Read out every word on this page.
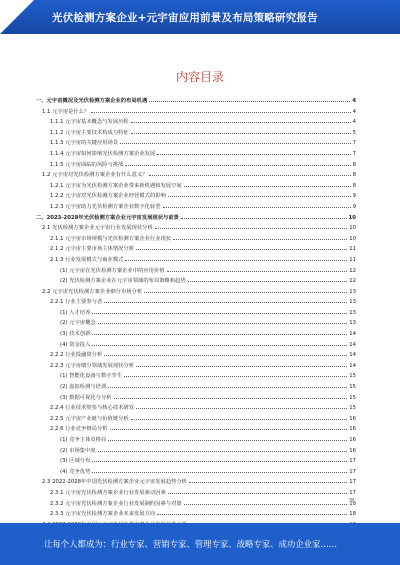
光伏检测方案企业+元宇宙应用前景及布局策略研究报告
内容目录
一、元宇宙概况及光伏检测方案企业的布局机遇	4
1.1 元宇宙是什么？	4
1.1.1 元宇宙基本概念与发展历程	4
1.1.2 元宇宙主要技术构成与特征	5
1.1.3 元宇宙的关键应用场景	7
1.1.4 元宇宙如何影响光伏检测方案企业发展	7
1.1.5 元宇宙面临的风险与挑战	8
1.2 元宇宙对光伏检测方案企业有什么意义？	8
1.2.1 元宇宙为光伏检测方案企业带来新机遇和发展空间	8
1.2.2 元宇宙对光伏检测方案企业经营模式的影响	9
1.2.3 元宇宙助力光伏检测方案企业数字化转型	9
二、2023-2028年光伏检测方案企业元宇宙发展现状与前景	10
2.1 光伏检测方案企业元宇宙行业发展现状分析	10
2.1.1 元宇宙市场规模与光伏检测方案企业行业现状	10
2.1.2 元宇宙主要市场主体情况分析	11
2.1.3 行业发展模式与商业模式	11
(1) 元宇宙在光伏检测方案企业中的应用价值	12
(2) 光伏检测方案企业在元宇宙领域的布局策略和趋势	12
2.2 元宇宙光伏检测方案企业细分市场分析	13
2.2.1 行业主要参与者	13
(1) 人才培养	13
(2) 元宇宙概念	13
(3) 技术创新	14
(4) 资金投入	14
2.2.2 行业投融资分析	14
2.2.3 元宇宙细分领域发展现状分析	14
(1) 智能化设备与数字孪生	15
(2) 虚拟检测与培训	15
(3) 数据可视化与分析	15
2.2.4 行业技术壁垒与核心技术研发	15
2.2.5 元宇宙产业链与价值链分析	16
2.2.6 行业竞争格局分析	16
(1) 竞争主体及格局	16
(2) 市场集中度	16
(3) 区域分布	17
(4) 竞争优势	17
2.3 2022-2028年中国光伏检测方案企业元宇宙发展趋势分析	17
2.3.1 元宇宙光伏检测方案企业行业发展驱动因素	17
2.3.2 元宇宙光伏检测方案企业行业发展制约因素与对策	18
2.3.3 元宇宙光伏检测方案企业未来发展方向	18
让每个人都成为：行业专家、营销专家、管理专家、战略专家、成功企业家……
